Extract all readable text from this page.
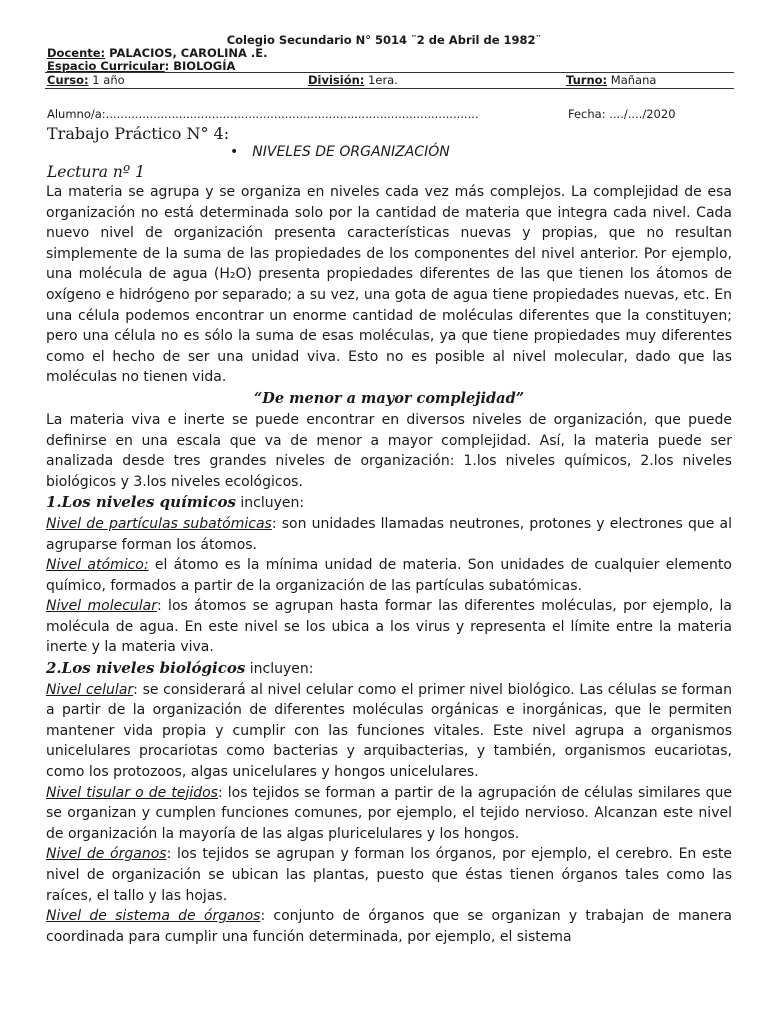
Colegio Secundario N° 5014 ¨2 de Abril de 1982¨
Docente: PALACIOS, CAROLINA .E.
Espacio Curricular: BIOLOGÍA
Curso: 1 año	División: 1era.	Turno: Mañana
Alumno/a:......................................................................................................	Fecha: ..../..../2020
Trabajo Práctico N° 4:
• NIVELES DE ORGANIZACIÓN
Lectura nº 1

La materia se agrupa y se organiza en niveles cada vez más complejos. La complejidad de esa organización no está determinada solo por la cantidad de materia que integra cada nivel. Cada nuevo nivel de organización presenta características nuevas y propias, que no resultan simplemente de la suma de las propiedades de los componentes del nivel anterior. Por ejemplo, una molécula de agua (H₂O) presenta propiedades diferentes de las que tienen los átomos de oxígeno e hidrógeno por separado; a su vez, una gota de agua tiene propiedades nuevas, etc. En una célula podemos encontrar un enorme cantidad de moléculas diferentes que la constituyen; pero una célula no es sólo la suma de esas moléculas, ya que tiene propiedades muy diferentes como el hecho de ser una unidad viva. Esto no es posible al nivel molecular, dado que las moléculas no tienen vida.

“De menor a mayor complejidad”

La materia viva e inerte se puede encontrar en diversos niveles de organización, que puede definirse en una escala que va de menor a mayor complejidad. Así, la materia puede ser analizada desde tres grandes niveles de organización: 1.los niveles químicos, 2.los niveles biológicos y 3.los niveles ecológicos.

1.Los niveles químicos incluyen:

Nivel de partículas subatómicas: son unidades llamadas neutrones, protones y electrones que al agruparse forman los átomos.

Nivel atómico: el átomo es la mínima unidad de materia. Son unidades de cualquier elemento químico, formados a partir de la organización de las partículas subatómicas.

Nivel molecular: los átomos se agrupan hasta formar las diferentes moléculas, por ejemplo, la molécula de agua. En este nivel se los ubica a los virus y representa el límite entre la materia inerte y la materia viva.

2.Los niveles biológicos incluyen:

Nivel celular: se considerará al nivel celular como el primer nivel biológico. Las células se forman a partir de la organización de diferentes moléculas orgánicas e inorgánicas, que le permiten mantener vida propia y cumplir con las funciones vitales. Este nivel agrupa a organismos unicelulares procariotas como bacterias y arquibacterias, y también, organismos eucariotas, como los protozoos, algas unicelulares y hongos unicelulares.

Nivel tisular o de tejidos: los tejidos se forman a partir de la agrupación de células similares que se organizan y cumplen funciones comunes, por ejemplo, el tejido nervioso. Alcanzan este nivel de organización la mayoría de las algas pluricelulares y los hongos.

Nivel de órganos: los tejidos se agrupan y forman los órganos, por ejemplo, el cerebro. En este nivel de organización se ubican las plantas, puesto que éstas tienen órganos tales como las raíces, el tallo y las hojas.

Nivel de sistema de órganos: conjunto de órganos que se organizan y trabajan de manera coordinada para cumplir una función determinada, por ejemplo, el sistema
